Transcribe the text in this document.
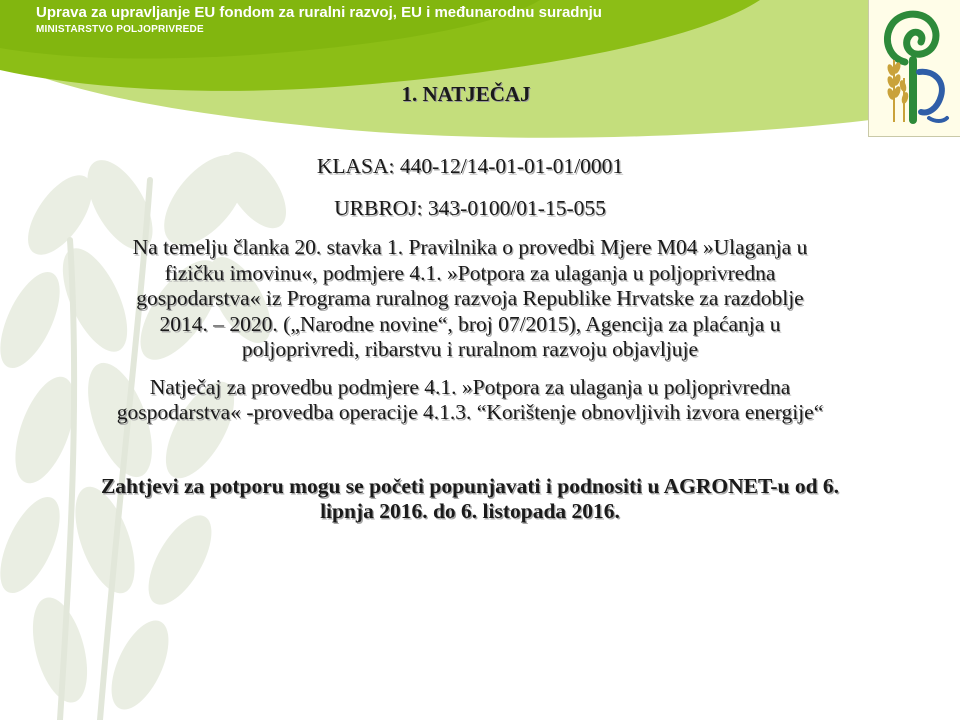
Uprava za upravljanje EU fondom za ruralni razvoj, EU i međunarodnu suradnju
MINISTARSTVO POLJOPRIVREDE
1. NATJEČAJ

KLASA: 440-12/14-01-01-01/0001

URBROJ: 343-0100/01-15-055

Na temelju članka 20. stavka 1. Pravilnika o provedbi Mjere M04 »Ulaganja u

fizičku imovinu«, podmjere 4.1. »Potpora za ulaganja u poljoprivredna

gospodarstva« iz Programa ruralnog razvoja Republike Hrvatske za razdoblje

2014. – 2020. („Narodne novine“, broj 07/2015), Agencija za plaćanja u

poljoprivredi, ribarstvu i ruralnom razvoju objavljuje

Natječaj za provedbu podmjere 4.1. »Potpora za ulaganja u poljoprivredna

gospodarstva« -provedba operacije 4.1.3. “Korištenje obnovljivih izvora energije“

Zahtjevi za potporu mogu se početi popunjavati i podnositi u AGRONET-u od 6.

lipnja 2016. do 6. listopada 2016.
